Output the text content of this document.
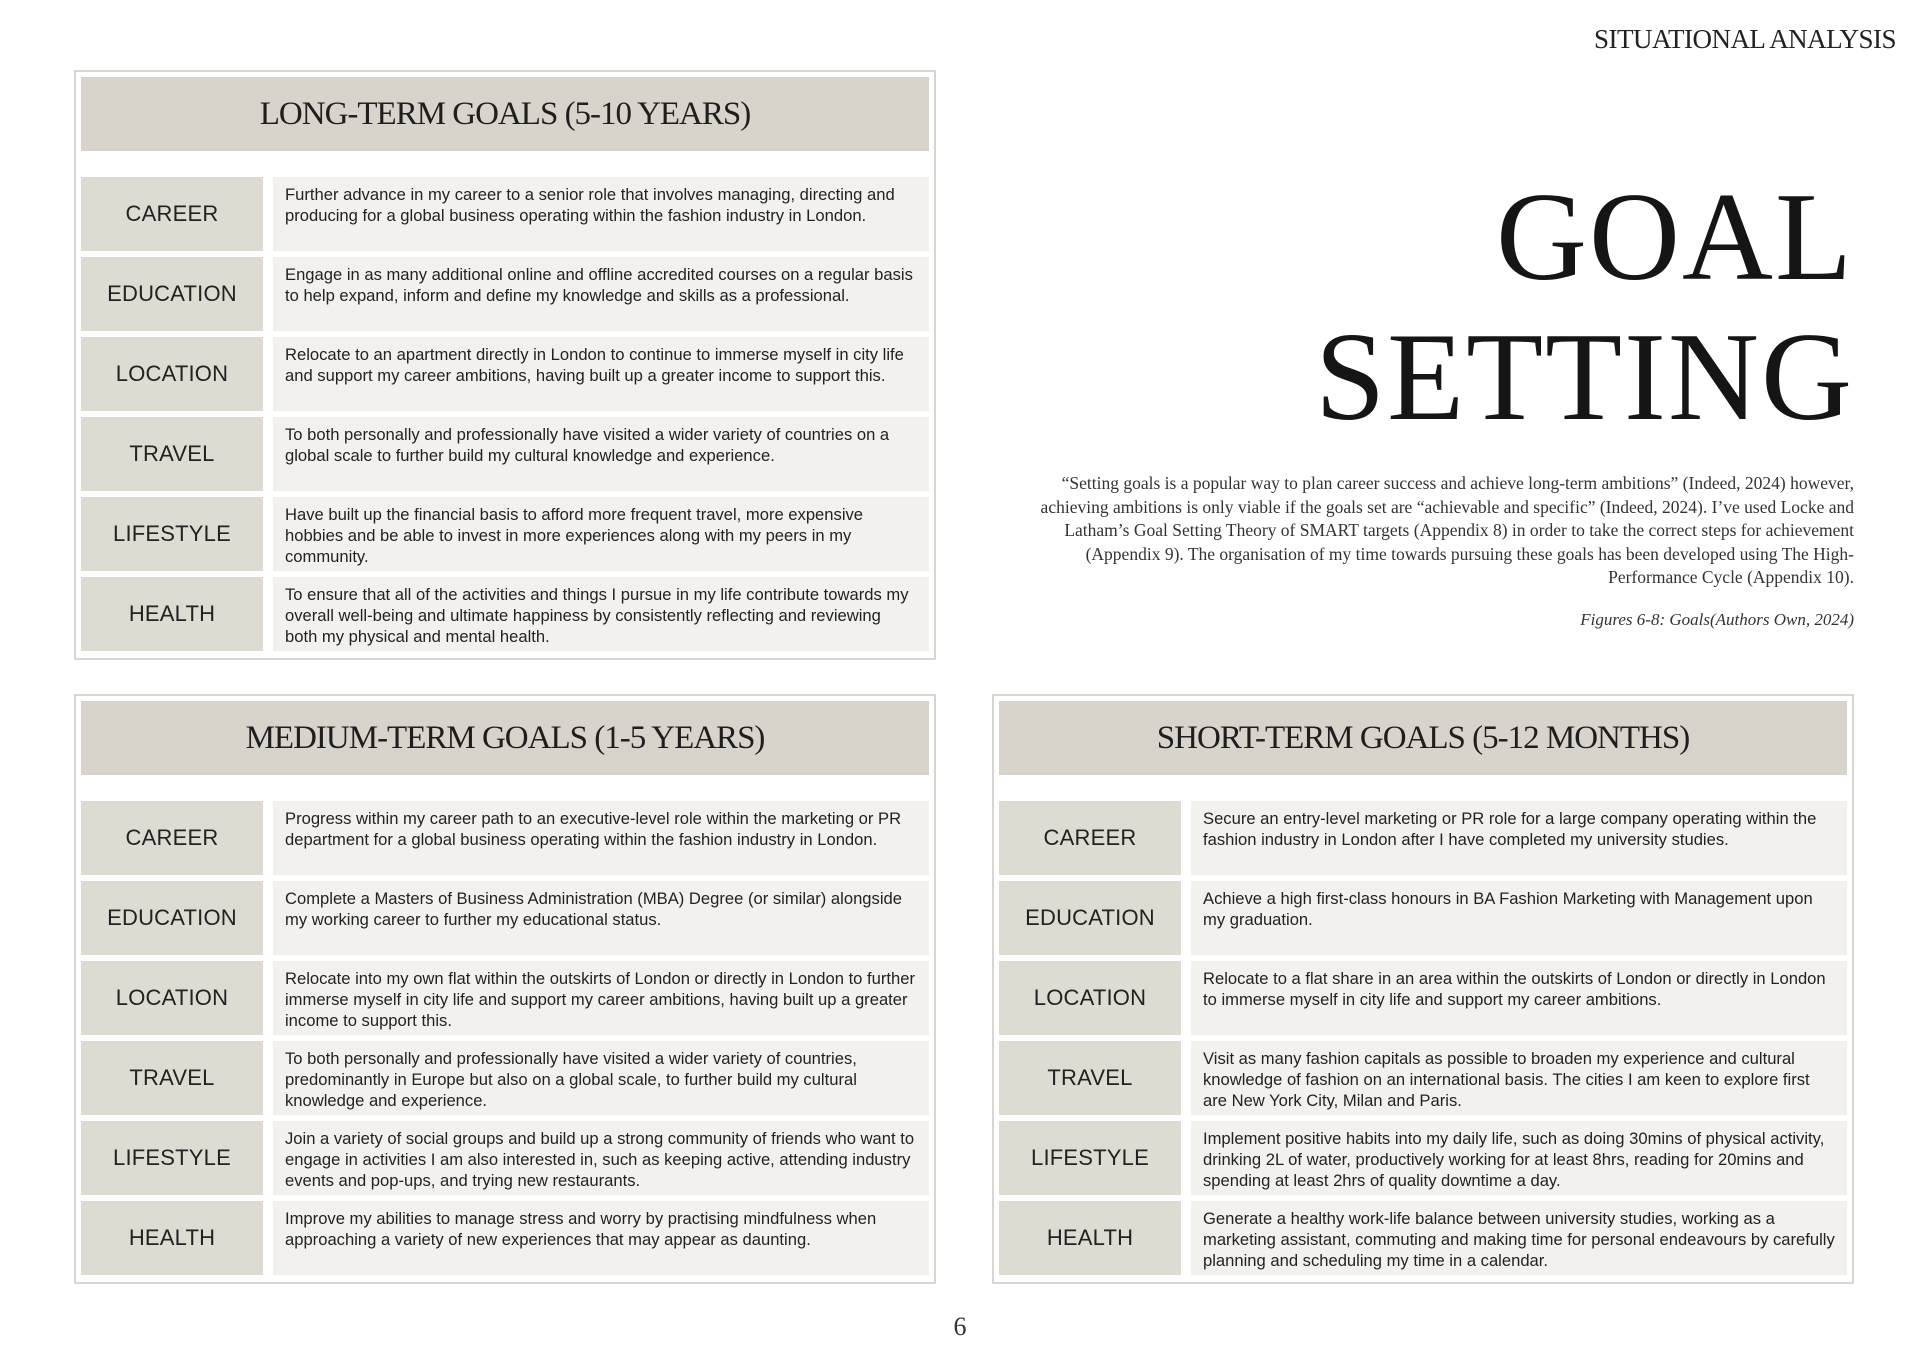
SITUATIONAL ANALYSIS
LONG-TERM GOALS (5-10 YEARS)
CAREER
Further advance in my career to a senior role that involves managing, directing and producing for a global business operating within the fashion industry in London.
EDUCATION
Engage in as many additional online and offline accredited courses on a regular basis to help expand, inform and define my knowledge and skills as a professional.
LOCATION
Relocate to an apartment directly in London to continue to immerse myself in city life and support my career ambitions, having built up a greater income to support this.
TRAVEL
To both personally and professionally have visited a wider variety of countries on a global scale to further build my cultural knowledge and experience.
LIFESTYLE
Have built up the financial basis to afford more frequent travel, more expensive hobbies and be able to invest in more experiences along with my peers in my community.
HEALTH
To ensure that all of the activities and things I pursue in my life contribute towards my overall well-being and ultimate happiness by consistently reflecting and reviewing both my physical and mental health.
GOAL
SETTING
“Setting goals is a popular way to plan career success and achieve long-term ambitions” (Indeed, 2024) however, achieving ambitions is only viable if the goals set are “achievable and specific” (Indeed, 2024). I’ve used Locke and Latham’s Goal Setting Theory of SMART targets (Appendix 8) in order to take the correct steps for achievement (Appendix 9). The organisation of my time towards pursuing these goals has been developed using The High-Performance Cycle (Appendix 10).
Figures 6-8: Goals(Authors Own, 2024)
MEDIUM-TERM GOALS (1-5 YEARS)
CAREER
Progress within my career path to an executive-level role within the marketing or PR department for a global business operating within the fashion industry in London.
EDUCATION
Complete a Masters of Business Administration (MBA) Degree (or similar) alongside my working career to further my educational status.
LOCATION
Relocate into my own flat within the outskirts of London or directly in London to further immerse myself in city life and support my career ambitions, having built up a greater income to support this.
TRAVEL
To both personally and professionally have visited a wider variety of countries, predominantly in Europe but also on a global scale, to further build my cultural knowledge and experience.
LIFESTYLE
Join a variety of social groups and build up a strong community of friends who want to engage in activities I am also interested in, such as keeping active, attending industry events and pop-ups, and trying new restaurants.
HEALTH
Improve my abilities to manage stress and worry by practising mindfulness when approaching a variety of new experiences that may appear as daunting.
SHORT-TERM GOALS (5-12 MONTHS)
CAREER
Secure an entry-level marketing or PR role for a large company operating within the fashion industry in London after I have completed my university studies.
EDUCATION
Achieve a high first-class honours in BA Fashion Marketing with Management upon my graduation.
LOCATION
Relocate to a flat share in an area within the outskirts of London or directly in London to immerse myself in city life and support my career ambitions.
TRAVEL
Visit as many fashion capitals as possible to broaden my experience and cultural knowledge of fashion on an international basis. The cities I am keen to explore first are New York City, Milan and Paris.
LIFESTYLE
Implement positive habits into my daily life, such as doing 30mins of physical activity, drinking 2L of water, productively working for at least 8hrs, reading for 20mins and spending at least 2hrs of quality downtime a day.
HEALTH
Generate a healthy work-life balance between university studies, working as a marketing assistant, commuting and making time for personal endeavours by carefully planning and scheduling my time in a calendar.
6
